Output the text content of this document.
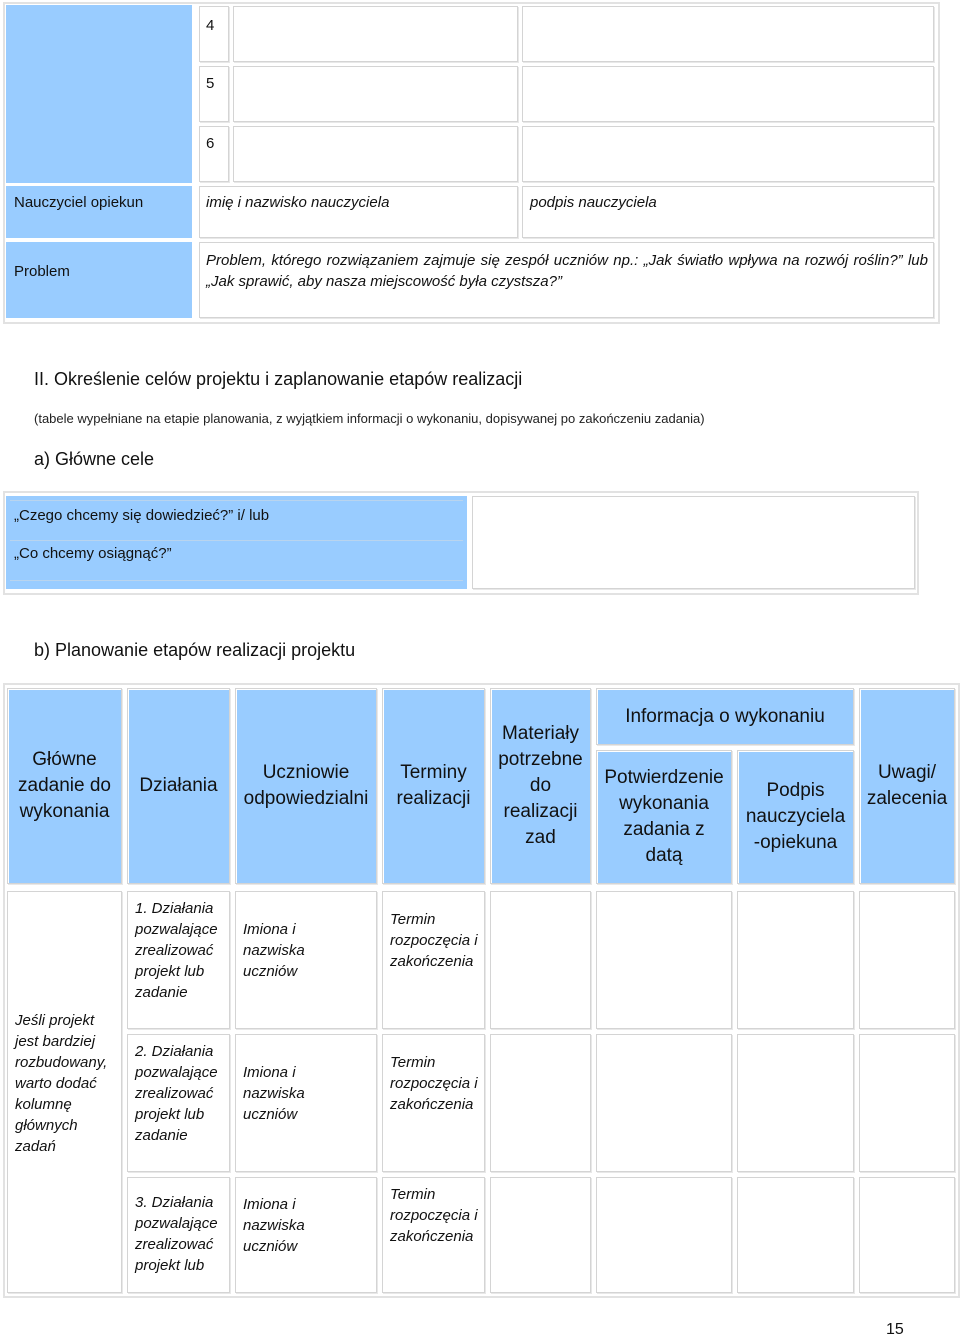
4
5
6
Nauczyciel opiekun	imię i nazwisko nauczyciela	podpis nauczyciela
Problem
Problem, którego rozwiązaniem zajmuje się zespół uczniów np.: „Jak światło wpływa na rozwój roślin?” lub „Jak sprawić, aby nasza miejscowość była czystsza?”
II. Określenie celów projektu i zaplanowanie etapów realizacji
(tabele wypełniane na etapie planowania, z wyjątkiem informacji o wykonaniu, dopisywanej po zakończeniu zadania)
a) Główne cele
„Czego chcemy się dowiedzieć?” i/ lub
„Co chcemy osiągnąć?”
b) Planowanie etapów realizacji projektu
Główne zadanie do wykonania
Działania
Uczniowie odpowiedzialni
Terminy realizacji
Materiały potrzebne do realizacji zad
Informacja o wykonaniu
Potwierdzenie wykonania zadania z datą
Podpis nauczyciela -opiekuna
Uwagi/ zalecenia
Jeśli projekt jest bardziej rozbudowany, warto dodać kolumnę głównych zadań
1. Działania pozwalające zrealizować projekt lub zadanie
Imiona i nazwiska uczniów
Termin rozpoczęcia i zakończenia
2. Działania pozwalające zrealizować projekt lub zadanie
Imiona i nazwiska uczniów
Termin rozpoczęcia i zakończenia
3. Działania pozwalające zrealizować projekt lub
Imiona i nazwiska uczniów
Termin rozpoczęcia i zakończenia
15
